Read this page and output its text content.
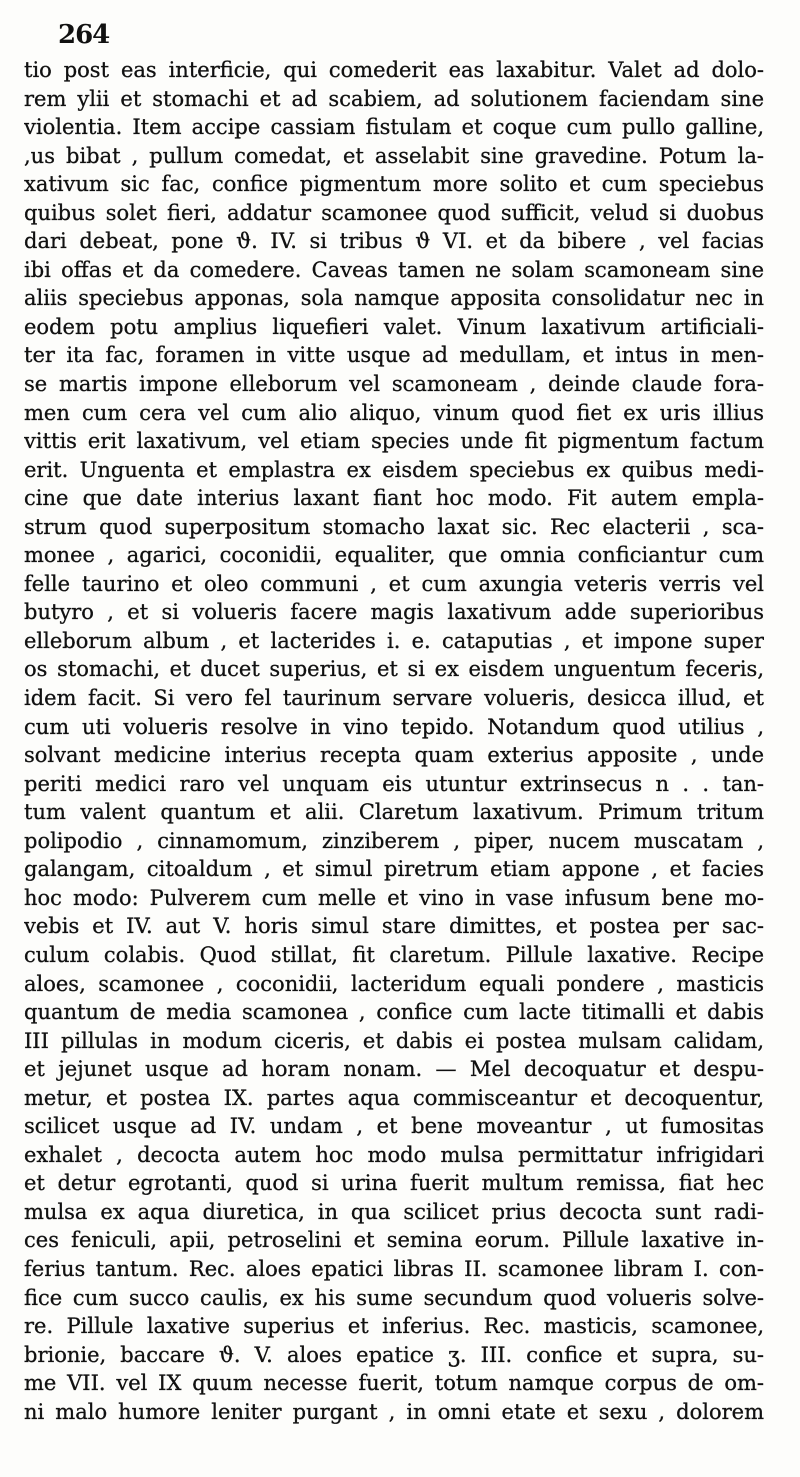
264
tio post eas interficie, qui comederit eas laxabitur. Valet ad dolo-
rem ylii et stomachi et ad scabiem, ad solutionem faciendam sine
violentia. Item accipe cassiam fistulam et coque cum pullo galline,
,us bibat , pullum comedat, et asselabit sine gravedine. Potum la-
xativum sic fac, confice pigmentum more solito et cum speciebus
quibus solet fieri, addatur scamonee quod sufficit, velud si duobus
dari debeat, pone ϑ. IV. si tribus ϑ VI. et da bibere , vel facias
ibi offas et da comedere. Caveas tamen ne solam scamoneam sine
aliis speciebus apponas, sola namque apposita consolidatur nec in
eodem potu amplius liquefieri valet. Vinum laxativum artificiali-
ter ita fac, foramen in vitte usque ad medullam, et intus in men-
se martis impone elleborum vel scamoneam , deinde claude fora-
men cum cera vel cum alio aliquo, vinum quod fiet ex uris illius
vittis erit laxativum, vel etiam species unde fit pigmentum factum
erit. Unguenta et emplastra ex eisdem speciebus ex quibus medi-
cine que date interius laxant fiant hoc modo. Fit autem empla-
strum quod superpositum stomacho laxat sic. Rec elacterii , sca-
monee , agarici, coconidii, equaliter, que omnia conficiantur cum
felle taurino et oleo communi , et cum axungia veteris verris vel
butyro , et si volueris facere magis laxativum adde superioribus
elleborum album , et lacterides i. e. cataputias , et impone super
os stomachi, et ducet superius, et si ex eisdem unguentum feceris,
idem facit. Si vero fel taurinum servare volueris, desicca illud, et
cum uti volueris resolve in vino tepido. Notandum quod utilius ,
solvant medicine interius recepta quam exterius apposite , unde
periti medici raro vel unquam eis utuntur extrinsecus n . . tan-
tum valent quantum et alii. Claretum laxativum. Primum tritum
polipodio , cinnamomum, zinziberem , piper, nucem muscatam ,
galangam, citoaldum , et simul piretrum etiam appone , et facies
hoc modo: Pulverem cum melle et vino in vase infusum bene mo-
vebis et IV. aut V. horis simul stare dimittes, et postea per sac-
culum colabis. Quod stillat, fit claretum. Pillule laxative. Recipe
aloes, scamonee , coconidii, lacteridum equali pondere , masticis
quantum de media scamonea , confice cum lacte titimalli et dabis
III pillulas in modum ciceris, et dabis ei postea mulsam calidam,
et jejunet usque ad horam nonam. — Mel decoquatur et despu-
metur, et postea IX. partes aqua commisceantur et decoquentur,
scilicet usque ad IV. undam , et bene moveantur , ut fumositas
exhalet , decocta autem hoc modo mulsa permittatur infrigidari
et detur egrotanti, quod si urina fuerit multum remissa, fiat hec
mulsa ex aqua diuretica, in qua scilicet prius decocta sunt radi-
ces feniculi, apii, petroselini et semina eorum. Pillule laxative in-
ferius tantum. Rec. aloes epatici libras II. scamonee libram I. con-
fice cum succo caulis, ex his sume secundum quod volueris solve-
re. Pillule laxative superius et inferius. Rec. masticis, scamonee,
brionie, baccare ϑ. V. aloes epatice ʒ. III. confice et supra, su-
me VII. vel IX quum necesse fuerit, totum namque corpus de om-
ni malo humore leniter purgant , in omni etate et sexu , dolorem
